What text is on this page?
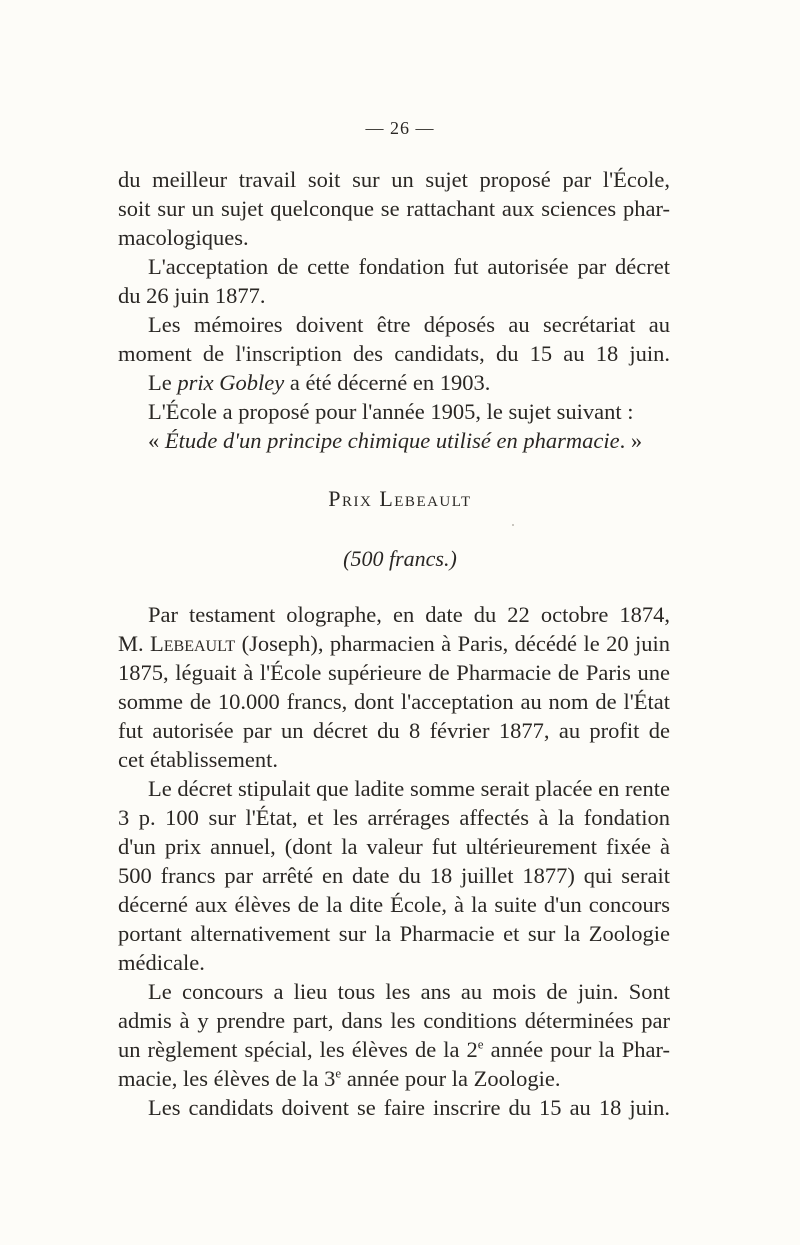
— 26 —
du meilleur travail soit sur un sujet proposé par l'École,
soit sur un sujet quelconque se rattachant aux sciences phar-
macologiques.
L'acceptation de cette fondation fut autorisée par décret
du 26 juin 1877.
Les mémoires doivent être déposés au secrétariat au
moment de l'inscription des candidats, du 15 au 18 juin.
Le prix Gobley a été décerné en 1903.
L'École a proposé pour l'année 1905, le sujet suivant :
« Étude d'un principe chimique utilisé en pharmacie. »
Prix Lebeault
(500 francs.)
Par testament olographe, en date du 22 octobre 1874,
M. Lebeault (Joseph), pharmacien à Paris, décédé le 20 juin
1875, léguait à l'École supérieure de Pharmacie de Paris une
somme de 10.000 francs, dont l'acceptation au nom de l'État
fut autorisée par un décret du 8 février 1877, au profit de
cet établissement.
Le décret stipulait que ladite somme serait placée en rente
3 p. 100 sur l'État, et les arrérages affectés à la fondation
d'un prix annuel, (dont la valeur fut ultérieurement fixée à
500 francs par arrêté en date du 18 juillet 1877) qui serait
décerné aux élèves de la dite École, à la suite d'un concours
portant alternativement sur la Pharmacie et sur la Zoologie
médicale.
Le concours a lieu tous les ans au mois de juin. Sont
admis à y prendre part, dans les conditions déterminées par
un règlement spécial, les élèves de la 2e année pour la Phar-
macie, les élèves de la 3e année pour la Zoologie.
Les candidats doivent se faire inscrire du 15 au 18 juin.
